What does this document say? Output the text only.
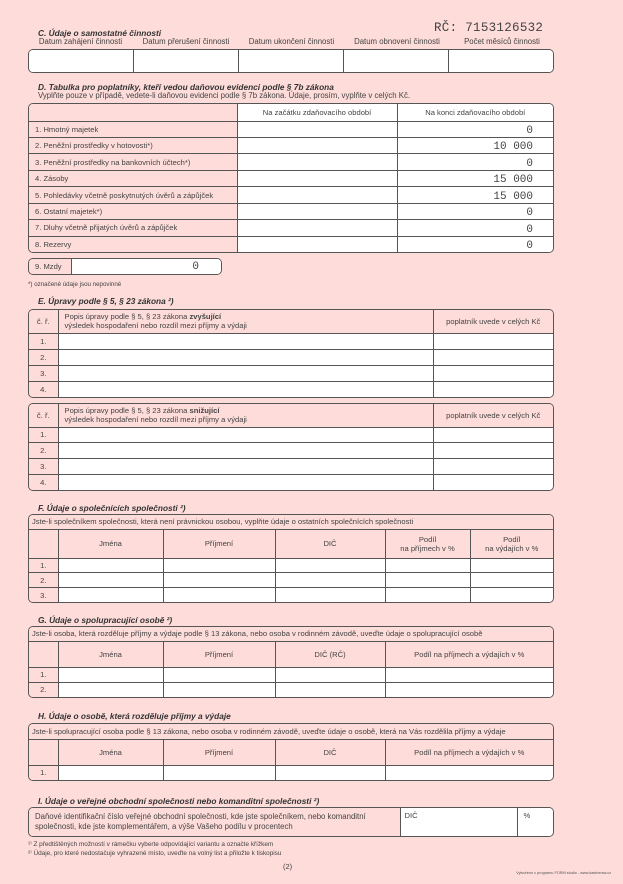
RČ: 7153126532
C. Údaje o samostatné činnosti
Datum zahájení činnosti	Datum přerušení činnosti	Datum ukončení činnosti	Datum obnovení činnosti	Počet měsíců činnosti

D. Tabulka pro poplatníky, kteří vedou daňovou evidenci podle § 7b zákona
Vyplňte pouze v případě, vedete-li daňovou evidenci podle § 7b zákona. Údaje, prosím, vyplňte v celých Kč.
	Na začátku zdaňovacího období	Na konci zdaňovacího období
1. Hmotný majetek		0
2. Peněžní prostředky v hotovosti*)		10 000
3. Peněžní prostředky na bankovních účtech*)		0
4. Zásoby		15 000
5. Pohledávky včetně poskytnutých úvěrů a zápůjček		15 000
6. Ostatní majetek*)		0
7. Dluhy včetně přijatých úvěrů a zápůjček		0
8. Rezervy		0
9. Mzdy	0
*) označené údaje jsou nepovinné
E. Úpravy podle § 5, § 23 zákona ²)
č. ř.	Popis úpravy podle § 5, § 23 zákona zvyšující
výsledek hospodaření nebo rozdíl mezi příjmy a výdaji	poplatník uvede v celých Kč
1.		
2.		
3.		
4.		
č. ř.	Popis úpravy podle § 5, § 23 zákona snižující
výsledek hospodaření nebo rozdíl mezi příjmy a výdaji	poplatník uvede v celých Kč
1.		
2.		
3.		
4.		
F. Údaje o společnících společnosti ²)
Jste-li společníkem společnosti, která není právnickou osobou, vyplňte údaje o ostatních společnících společnosti					
	Jména	Příjmení	DIČ	Podíl
na příjmech v %	Podíl
na výdajích v %
1.					
2.					
3.					
G. Údaje o spolupracující osobě ²)
Jste-li osoba, která rozděluje příjmy a výdaje podle § 13 zákona, nebo osoba v rodinném závodě, uveďte údaje o spolupracující osobě				
	Jména	Příjmení	DIČ (RČ)	Podíl na příjmech a výdajích v %
1.				
2.				
H. Údaje o osobě, která rozděluje příjmy a výdaje
Jste-li spolupracující osoba podle § 13 zákona, nebo osoba v rodinném závodě, uveďte údaje o osobě, která na Vás rozdělila příjmy a výdaje				
	Jména	Příjmení	DIČ	Podíl na příjmech a výdajích v %
1.				
I. Údaje o veřejné obchodní společnosti nebo komanditní společnosti ²)
Daňové identifikační číslo veřejné obchodní společnosti, kde jste společníkem, nebo komanditní společnosti, kde jste komplementářem, a výše Vašeho podílu v procentech	DIČ	%
¹⁾ Z předtištěných možností v rámečku vyberte odpovídající variantu a označte křížkem
²⁾ Údaje, pro které nedostačuje vyhrazené místo, uveďte na volný list a přiložte k tiskopisu
(2)
Vytvořeno v programu FORM studio - www.kastnersw.cz
